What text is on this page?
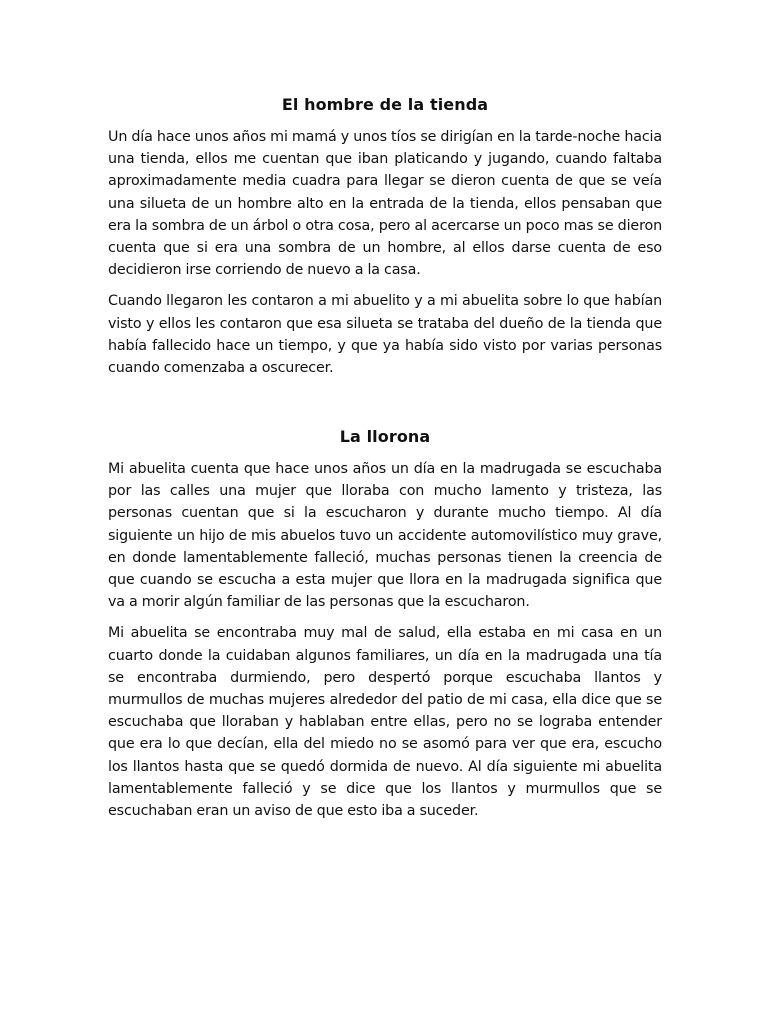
El hombre de la tienda

Un día hace unos años mi mamá y unos tíos se dirigían en la tarde-noche hacia una tienda, ellos me cuentan que iban platicando y jugando, cuando faltaba aproximadamente media cuadra para llegar se dieron cuenta de que se veía una silueta de un hombre alto en la entrada de la tienda, ellos pensaban que era la sombra de un árbol o otra cosa, pero al acercarse un poco mas se dieron cuenta que si era una sombra de un hombre, al ellos darse cuenta de eso decidieron irse corriendo de nuevo a la casa.

Cuando llegaron les contaron a mi abuelito y a mi abuelita sobre lo que habían visto y ellos les contaron que esa silueta se trataba del dueño de la tienda que había fallecido hace un tiempo, y que ya había sido visto por varias personas cuando comenzaba a oscurecer.

La llorona

Mi abuelita cuenta que hace unos años un día en la madrugada se escuchaba por las calles una mujer que lloraba con mucho lamento y tristeza, las personas cuentan que si la escucharon y durante mucho tiempo. Al día siguiente un hijo de mis abuelos tuvo un accidente automovilístico muy grave, en donde lamentablemente falleció, muchas personas tienen la creencia de que cuando se escucha a esta mujer que llora en la madrugada significa que va a morir algún familiar de las personas que la escucharon.

Mi abuelita se encontraba muy mal de salud, ella estaba en mi casa en un cuarto donde la cuidaban algunos familiares, un día en la madrugada una tía se encontraba durmiendo, pero despertó porque escuchaba llantos y murmullos de muchas mujeres alrededor del patio de mi casa, ella dice que se escuchaba que lloraban y hablaban entre ellas, pero no se lograba entender que era lo que decían, ella del miedo no se asomó para ver que era, escucho los llantos hasta que se quedó dormida de nuevo. Al día siguiente mi abuelita lamentablemente falleció y se dice que los llantos y murmullos que se escuchaban eran un aviso de que esto iba a suceder.
